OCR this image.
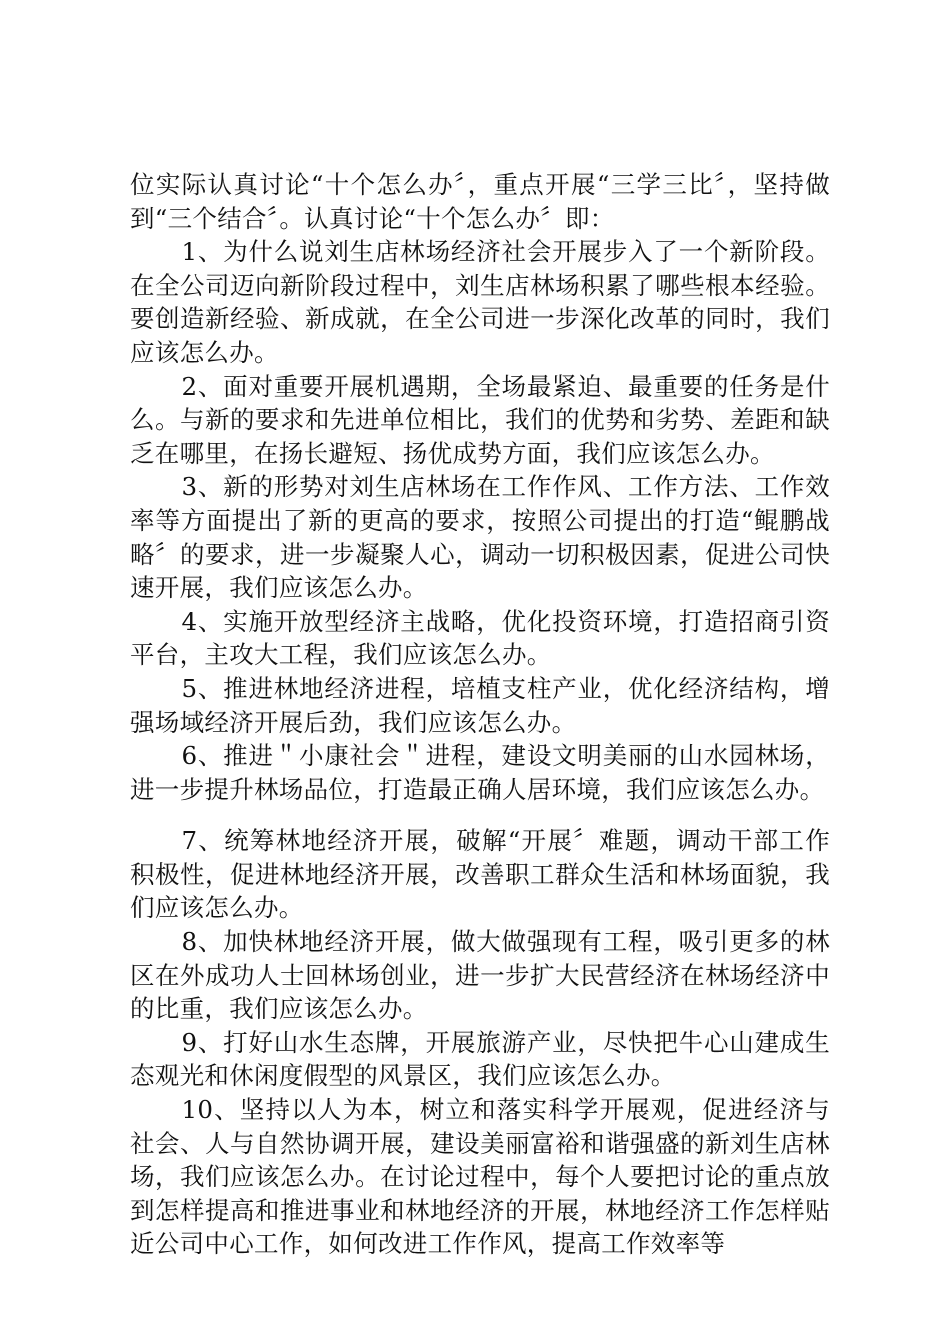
位实际认真讨论“十个怎么办〞，重点开展“三学三比〞，坚持做到“三个结合〞。认真讨论“十个怎么办〞即：

1、为什么说刘生店林场经济社会开展步入了一个新阶段。在全公司迈向新阶段过程中，刘生店林场积累了哪些根本经验。要创造新经验、新成就，在全公司进一步深化改革的同时，我们应该怎么办。

2、面对重要开展机遇期，全场最紧迫、最重要的任务是什么。与新的要求和先进单位相比，我们的优势和劣势、差距和缺乏在哪里，在扬长避短、扬优成势方面，我们应该怎么办。

3、新的形势对刘生店林场在工作作风、工作方法、工作效率等方面提出了新的更高的要求，按照公司提出的打造“鲲鹏战略〞的要求，进一步凝聚人心，调动一切积极因素，促进公司快速开展，我们应该怎么办。

4、实施开放型经济主战略，优化投资环境，打造招商引资平台，主攻大工程，我们应该怎么办。

5、推进林地经济进程，培植支柱产业，优化经济结构，增强场域经济开展后劲，我们应该怎么办。

6、推进＂小康社会＂进程，建设文明美丽的山水园林场，进一步提升林场品位，打造最正确人居环境，我们应该怎么办。

7、统筹林地经济开展，破解“开展〞难题，调动干部工作积极性，促进林地经济开展，改善职工群众生活和林场面貌，我们应该怎么办。

8、加快林地经济开展，做大做强现有工程，吸引更多的林区在外成功人士回林场创业，进一步扩大民营经济在林场经济中的比重，我们应该怎么办。

9、打好山水生态牌，开展旅游产业，尽快把牛心山建成生态观光和休闲度假型的风景区，我们应该怎么办。

10、坚持以人为本，树立和落实科学开展观，促进经济与社会、人与自然协调开展，建设美丽富裕和谐强盛的新刘生店林场，我们应该怎么办。在讨论过程中，每个人要把讨论的重点放到怎样提高和推进事业和林地经济的开展，林地经济工作怎样贴近公司中心工作，如何改进工作作风，提高工作效率等
